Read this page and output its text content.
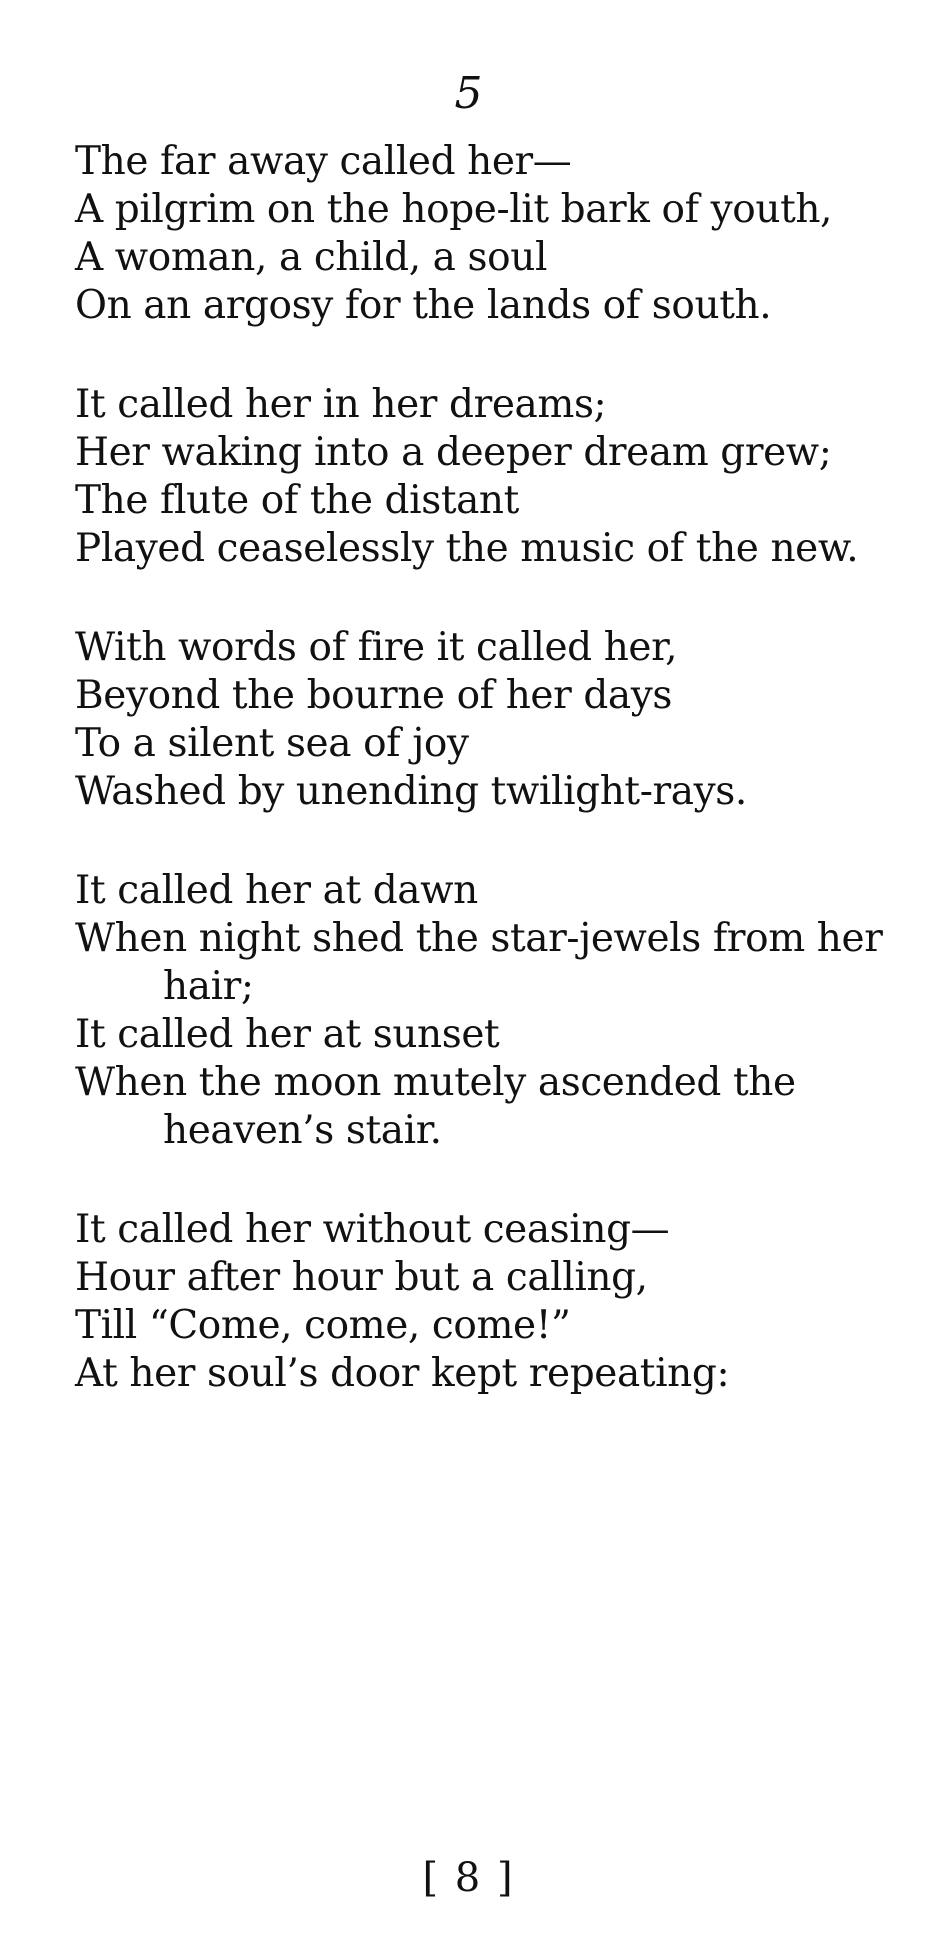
5
The far away called her—
A pilgrim on the hope-lit bark of youth,
A woman, a child, a soul
On an argosy for the lands of south.
It called her in her dreams;
Her waking into a deeper dream grew;
The flute of the distant
Played ceaselessly the music of the new.
With words of fire it called her,
Beyond the bourne of her days
To a silent sea of joy
Washed by unending twilight-rays.
It called her at dawn
When night shed the star-jewels from her
hair;
It called her at sunset
When the moon mutely ascended the
heaven’s stair.
It called her without ceasing—
Hour after hour but a calling,
Till “Come, come, come!”
At her soul’s door kept repeating:
[ 8 ]
